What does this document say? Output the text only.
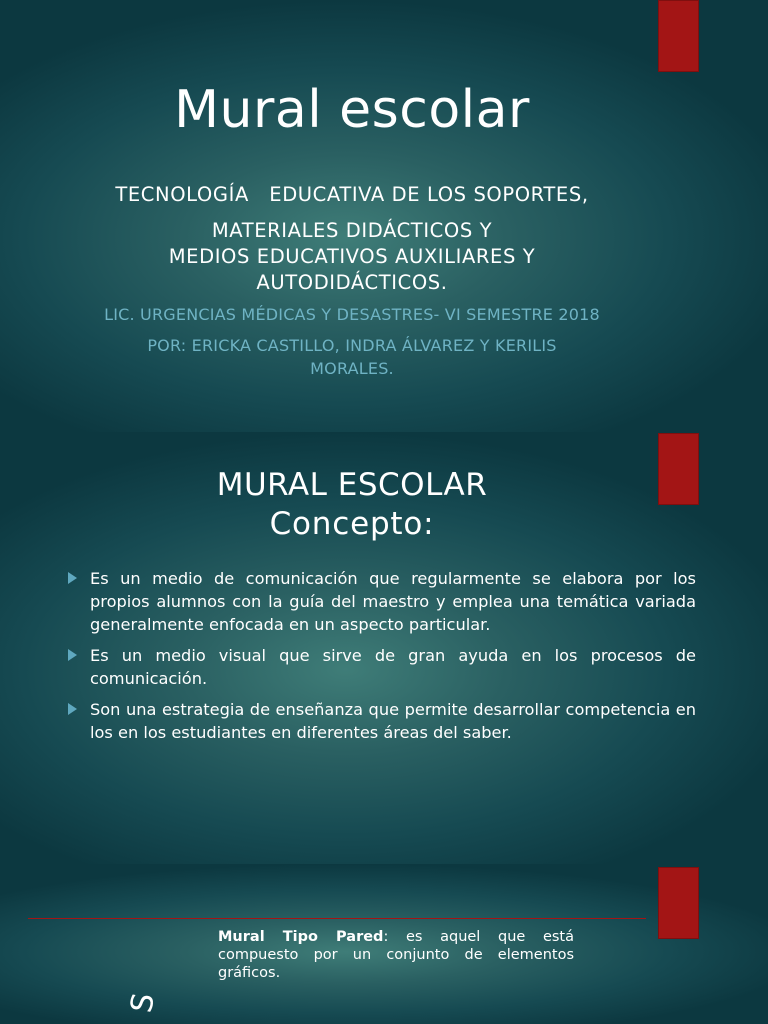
Mural escolar
TECNOLOGÍA   EDUCATIVA DE LOS SOPORTES,
MATERIALES DIDÁCTICOS Y
MEDIOS EDUCATIVOS AUXILIARES Y
AUTODIDÁCTICOS.
LIC. URGENCIAS MÉDICAS Y DESASTRES- VI SEMESTRE 2018
POR: ERICKA CASTILLO, INDRA ÁLVAREZ Y KERILIS
MORALES.
MURAL ESCOLAR
Concepto:
Es un medio de comunicación que regularmente se elabora por los propios alumnos con la guía del maestro y emplea una temática variada generalmente enfocada en un aspecto particular.
Es un medio visual que sirve de gran ayuda en los procesos de comunicación.
Son una estrategia de enseñanza que permite desarrollar competencia en los en los estudiantes en diferentes áreas del saber.
Mural Tipo Pared: es aquel que está compuesto por un conjunto de elementos gráficos.
S
